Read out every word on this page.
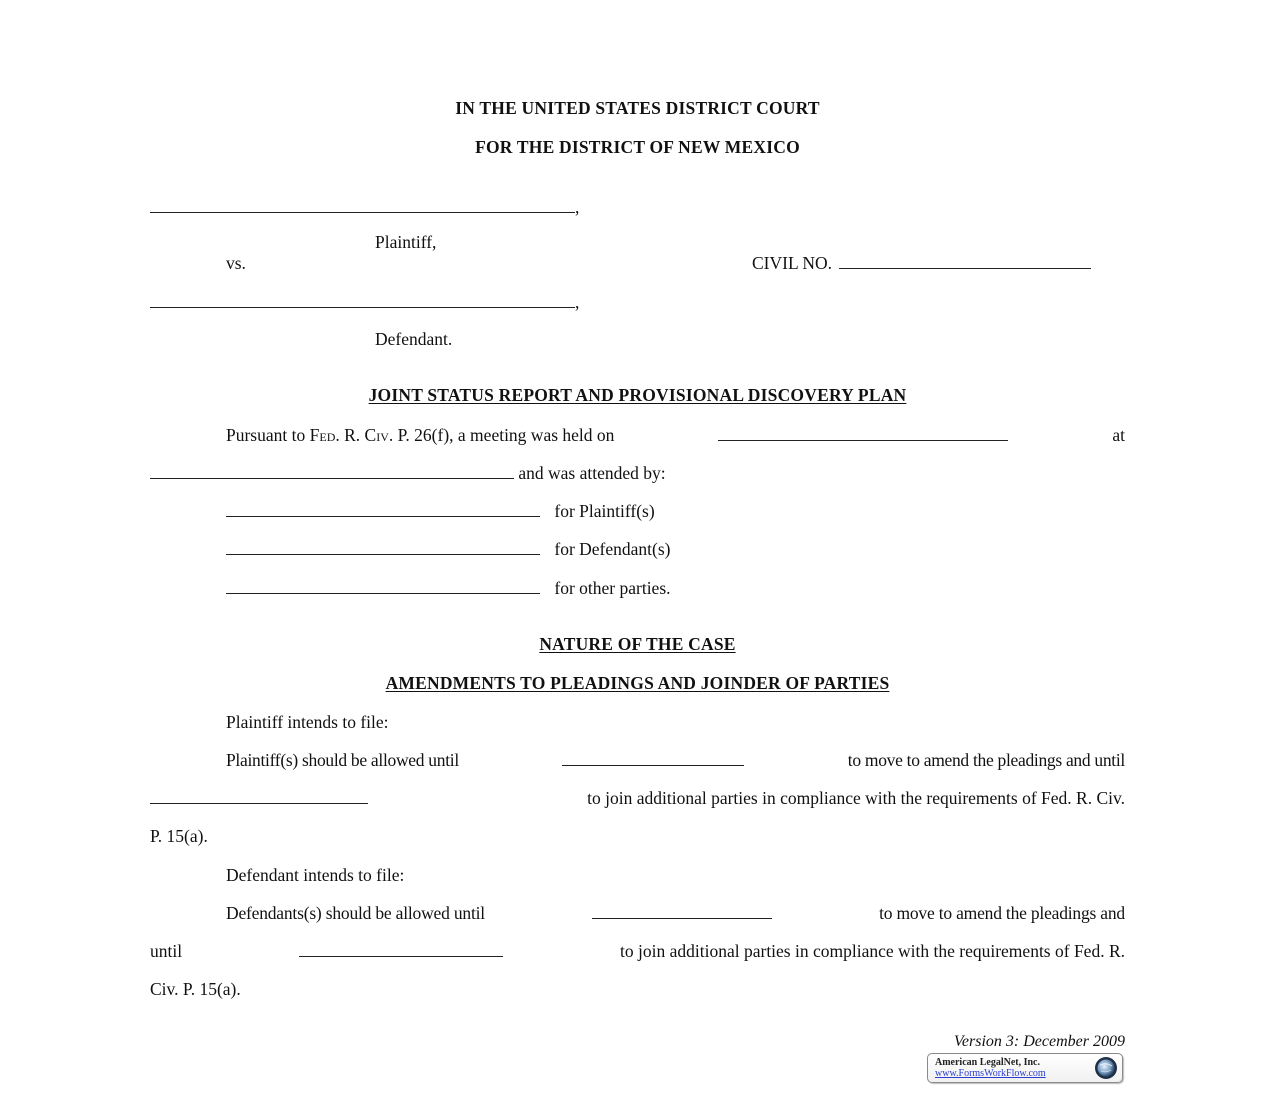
IN THE UNITED STATES DISTRICT COURT
FOR THE DISTRICT OF NEW MEXICO
,
Plaintiff,
vs.	CIVIL NO.
,
Defendant.
JOINT STATUS REPORT AND PROVISIONAL DISCOVERY PLAN
Pursuant to Fed. R. Civ. P. 26(f), a meeting was held on	at
and was attended by:
for Plaintiff(s)
for Defendant(s)
for other parties.
NATURE OF THE CASE
AMENDMENTS TO PLEADINGS AND JOINDER OF PARTIES
Plaintiff intends to file:
Plaintiff(s) should be allowed until	to move to amend the pleadings and until
to join additional parties in compliance with the requirements of Fed. R. Civ.
P. 15(a).
Defendant intends to file:
Defendants(s) should be allowed until	to move to amend the pleadings and
until	to join additional parties in compliance with the requirements of Fed. R.
Civ. P. 15(a).
Version 3: December 2009
American LegalNet, Inc.
www.FormsWorkFlow.com
